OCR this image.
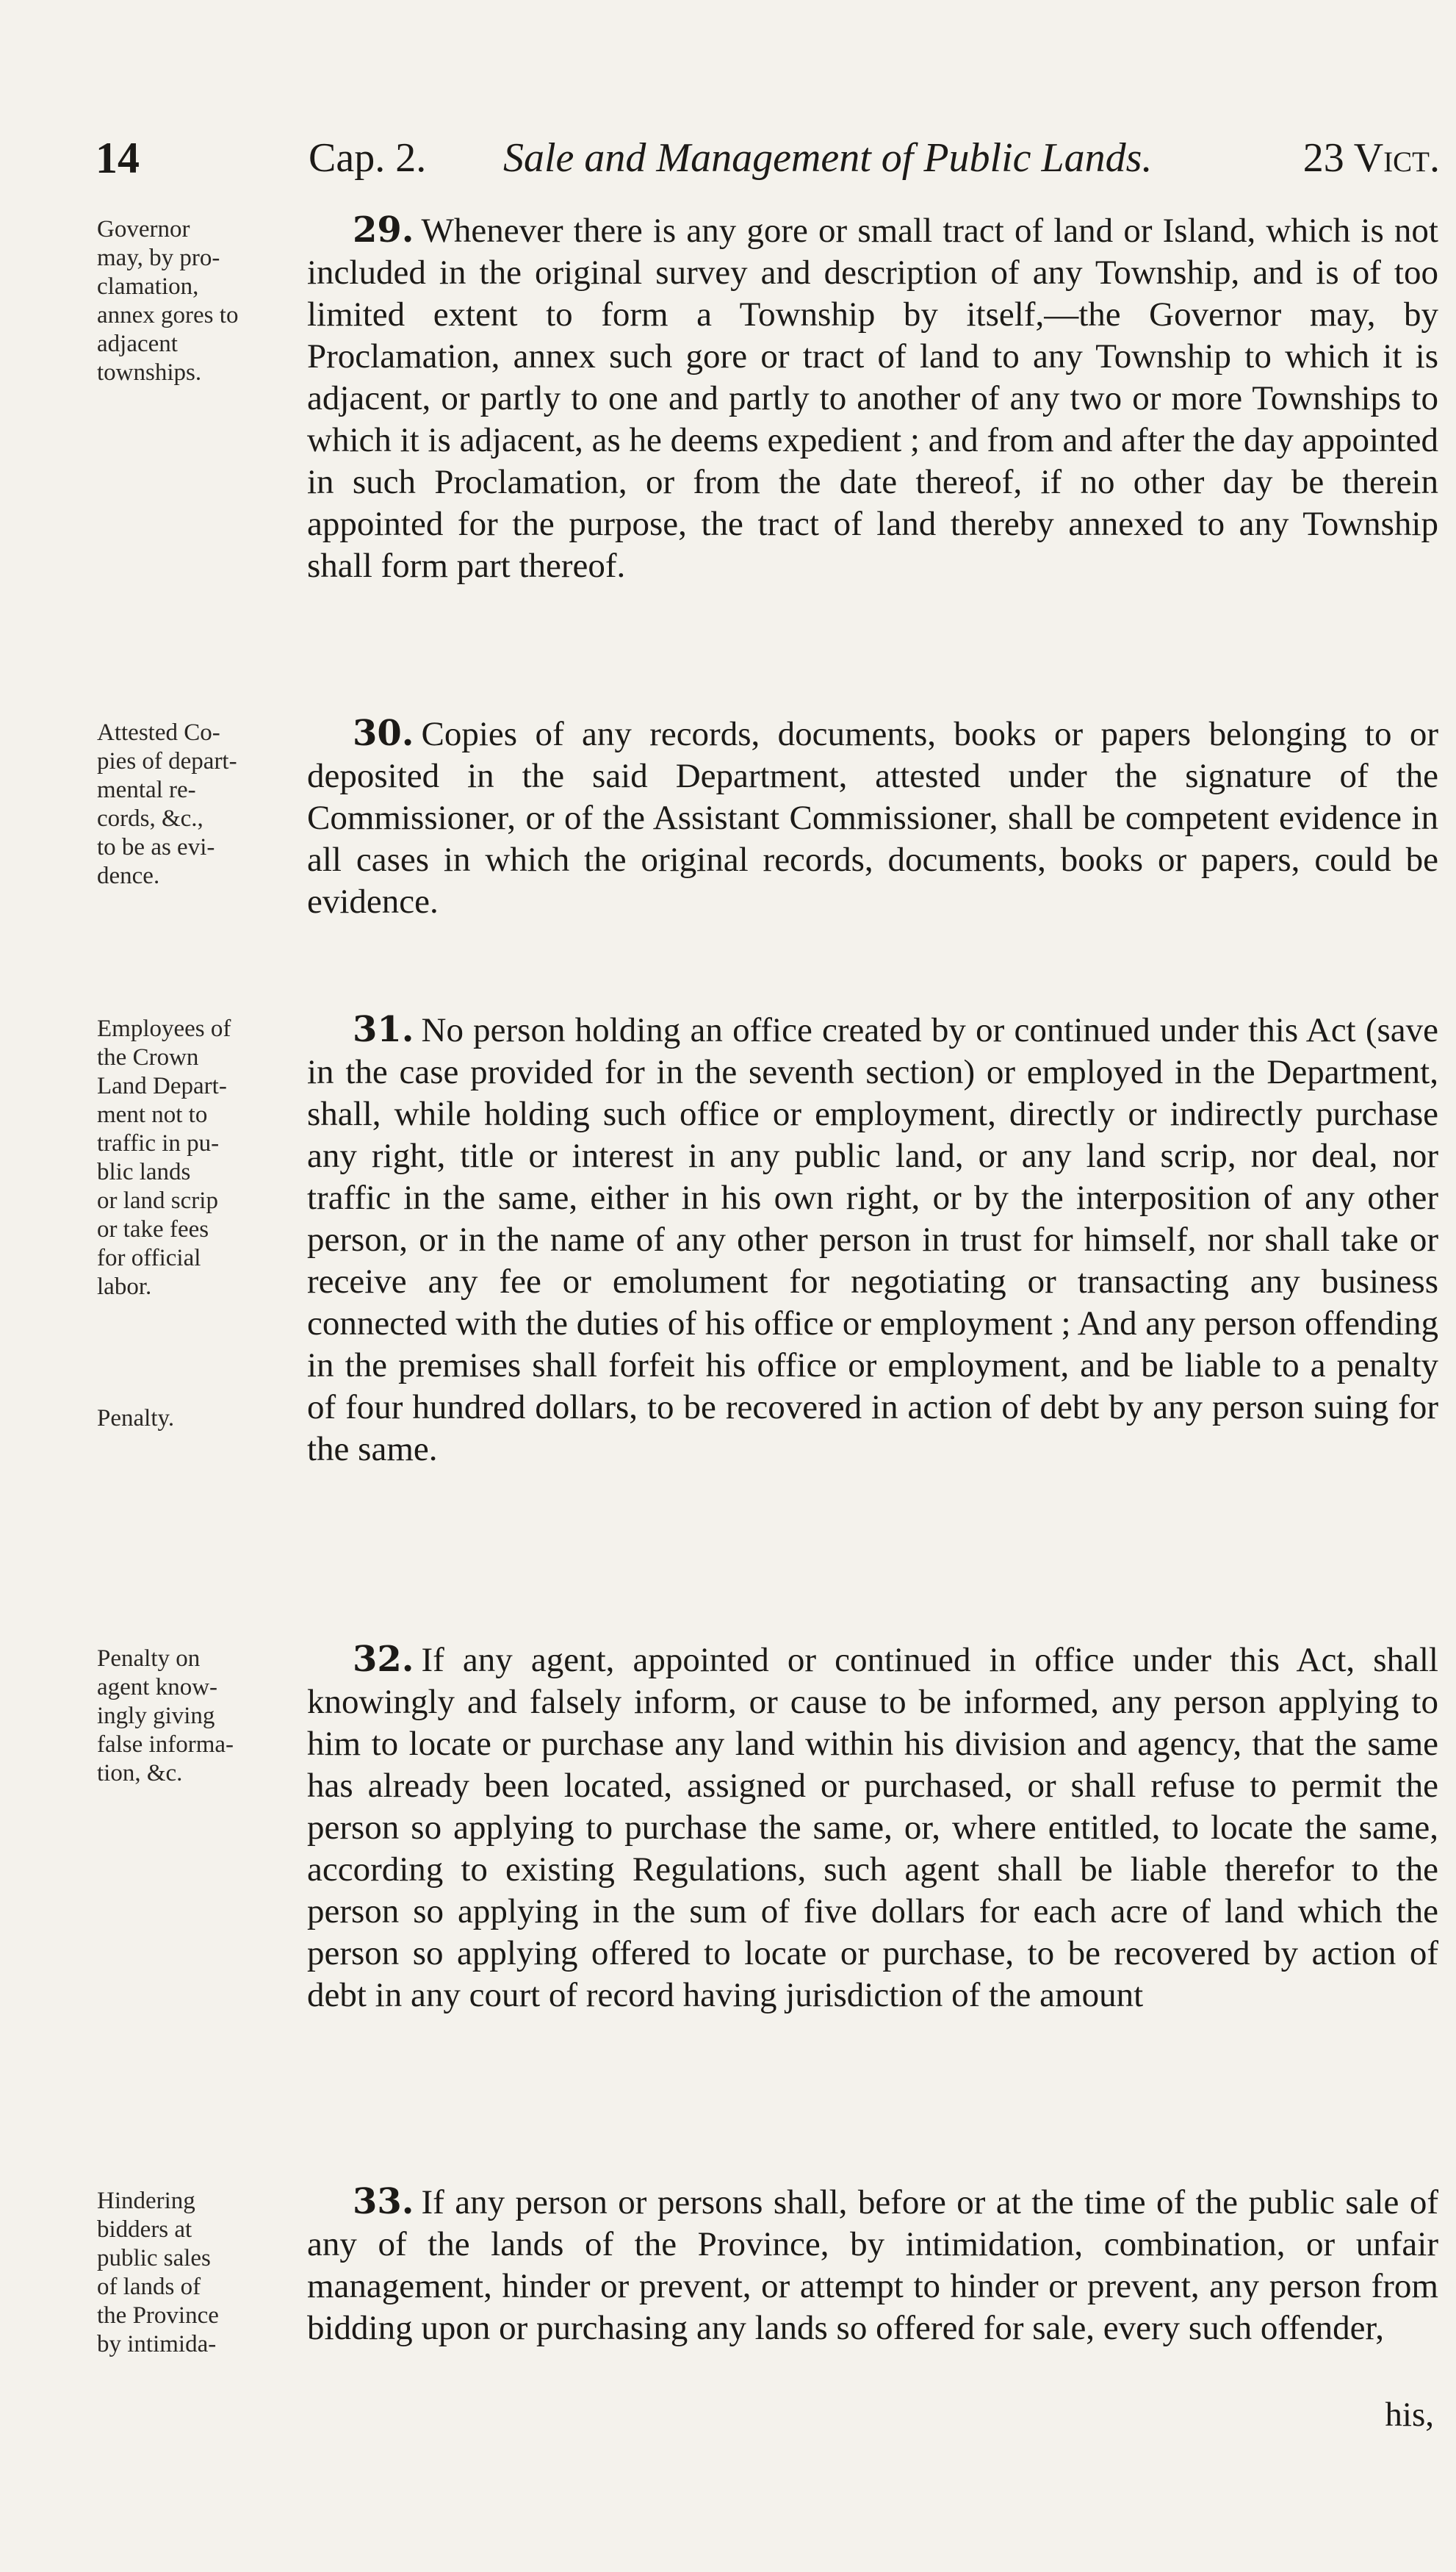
14	Cap. 2. Sale and Management of Public Lands.	23 Vict.
Governor
may, by pro-
clamation,
annex gores to
adjacent
townships.
29. Whenever there is any gore or small tract of land or Island, which is not included in the original survey and description of any Township, and is of too limited extent to form a Township by itself,—the Governor may, by Proclamation, annex such gore or tract of land to any Township to which it is adjacent, or partly to one and partly to another of any two or more Townships to which it is adjacent, as he deems expedient ; and from and after the day appointed in such Proclamation, or from the date thereof, if no other day be therein appointed for the purpose, the tract of land thereby annexed to any Township shall form part thereof.
Attested Co-
pies of depart-
mental re-
cords, &c.,
to be as evi-
dence.
30. Copies of any records, documents, books or papers belonging to or deposited in the said Department, attested under the signature of the Commissioner, or of the Assistant Commissioner, shall be competent evidence in all cases in which the original records, documents, books or papers, could be evidence.
Employees of
the Crown
Land Depart-
ment not to
traffic in pu-
blic lands
or land scrip
or take fees
for official
labor.
Penalty.
31. No person holding an office created by or continued under this Act (save in the case provided for in the seventh section) or employed in the Department, shall, while holding such office or employment, directly or indirectly purchase any right, title or interest in any public land, or any land scrip, nor deal, nor traffic in the same, either in his own right, or by the interposition of any other person, or in the name of any other person in trust for himself, nor shall take or receive any fee or emolument for negotiating or transacting any business connected with the duties of his office or employment ; And any person offending in the premises shall forfeit his office or employment, and be liable to a penalty of four hundred dollars, to be recovered in action of debt by any person suing for the same.
Penalty on
agent know-
ingly giving
false informa-
tion, &c.
32. If any agent, appointed or continued in office under this Act, shall knowingly and falsely inform, or cause to be informed, any person applying to him to locate or purchase any land within his division and agency, that the same has already been located, assigned or purchased, or shall refuse to permit the person so applying to purchase the same, or, where entitled, to locate the same, according to existing Regulations, such agent shall be liable therefor to the person so applying in the sum of five dollars for each acre of land which the person so applying offered to locate or purchase, to be recovered by action of debt in any court of record having jurisdiction of the amount
Hindering
bidders at
public sales
of lands of
the Province
by intimida-
33. If any person or persons shall, before or at the time of the public sale of any of the lands of the Province, by intimidation, combination, or unfair management, hinder or prevent, or attempt to hinder or prevent, any person from bidding upon or purchasing any lands so offered for sale, every such offender,
his,
